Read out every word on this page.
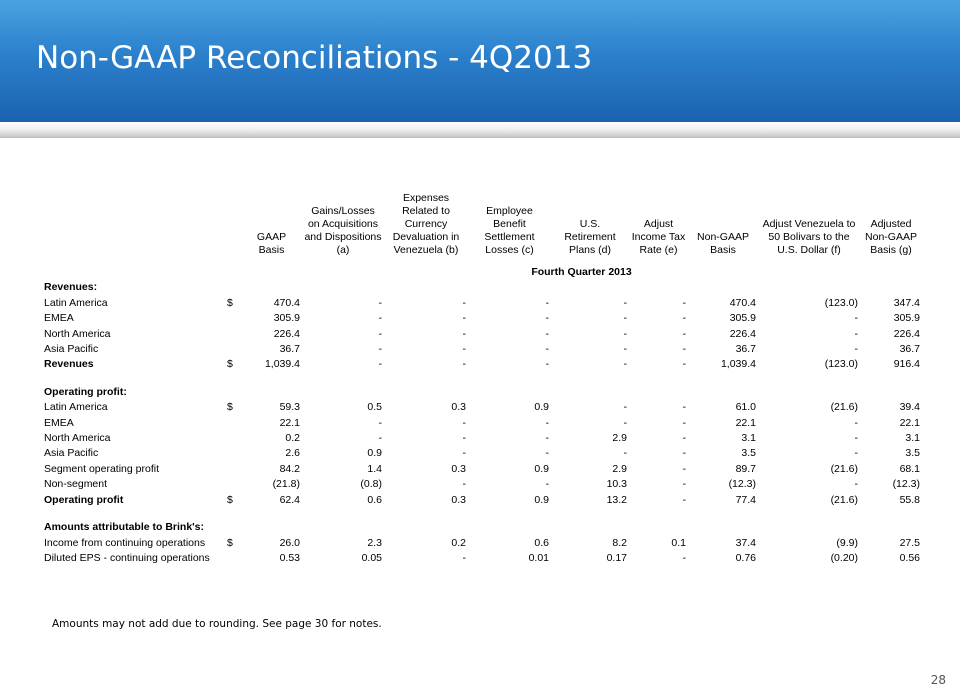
Non-GAAP Reconciliations - 4Q2013
		GAAP Basis	Gains/Losses on Acquisitions and Dispositions (a)	Expenses Related to Currency Devaluation in Venezuela (b)	Employee Benefit Settlement Losses (c)	U.S. Retirement Plans (d)	Adjust Income Tax Rate (e)	Non-GAAP Basis	Adjust Venezuela to 50 Bolivars to the U.S. Dollar (f)	Adjusted Non-GAAP Basis (g)
		Fourth Quarter 2013								
Revenues:										
Latin America	$	470.4	-	-	-	-	-	470.4	(123.0)	347.4
EMEA		305.9	-	-	-	-	-	305.9	-	305.9
North America		226.4	-	-	-	-	-	226.4	-	226.4
Asia Pacific		36.7	-	-	-	-	-	36.7	-	36.7
Revenues	$	1,039.4	-	-	-	-	-	1,039.4	(123.0)	916.4

Operating profit:										
Latin America	$	59.3	0.5	0.3	0.9	-	-	61.0	(21.6)	39.4
EMEA		22.1	-	-	-	-	-	22.1	-	22.1
North America		0.2	-	-	-	2.9	-	3.1	-	3.1
Asia Pacific		2.6	0.9	-	-	-	-	3.5	-	3.5
Segment operating profit		84.2	1.4	0.3	0.9	2.9	-	89.7	(21.6)	68.1
Non-segment		(21.8)	(0.8)	-	-	10.3	-	(12.3)	-	(12.3)
Operating profit	$	62.4	0.6	0.3	0.9	13.2	-	77.4	(21.6)	55.8

Amounts attributable to Brink's:										
Income from continuing operations	$	26.0	2.3	0.2	0.6	8.2	0.1	37.4	(9.9)	27.5
Diluted EPS - continuing operations		0.53	0.05	-	0.01	0.17	-	0.76	(0.20)	0.56
Amounts may not add due to rounding. See page 30 for notes.
28
